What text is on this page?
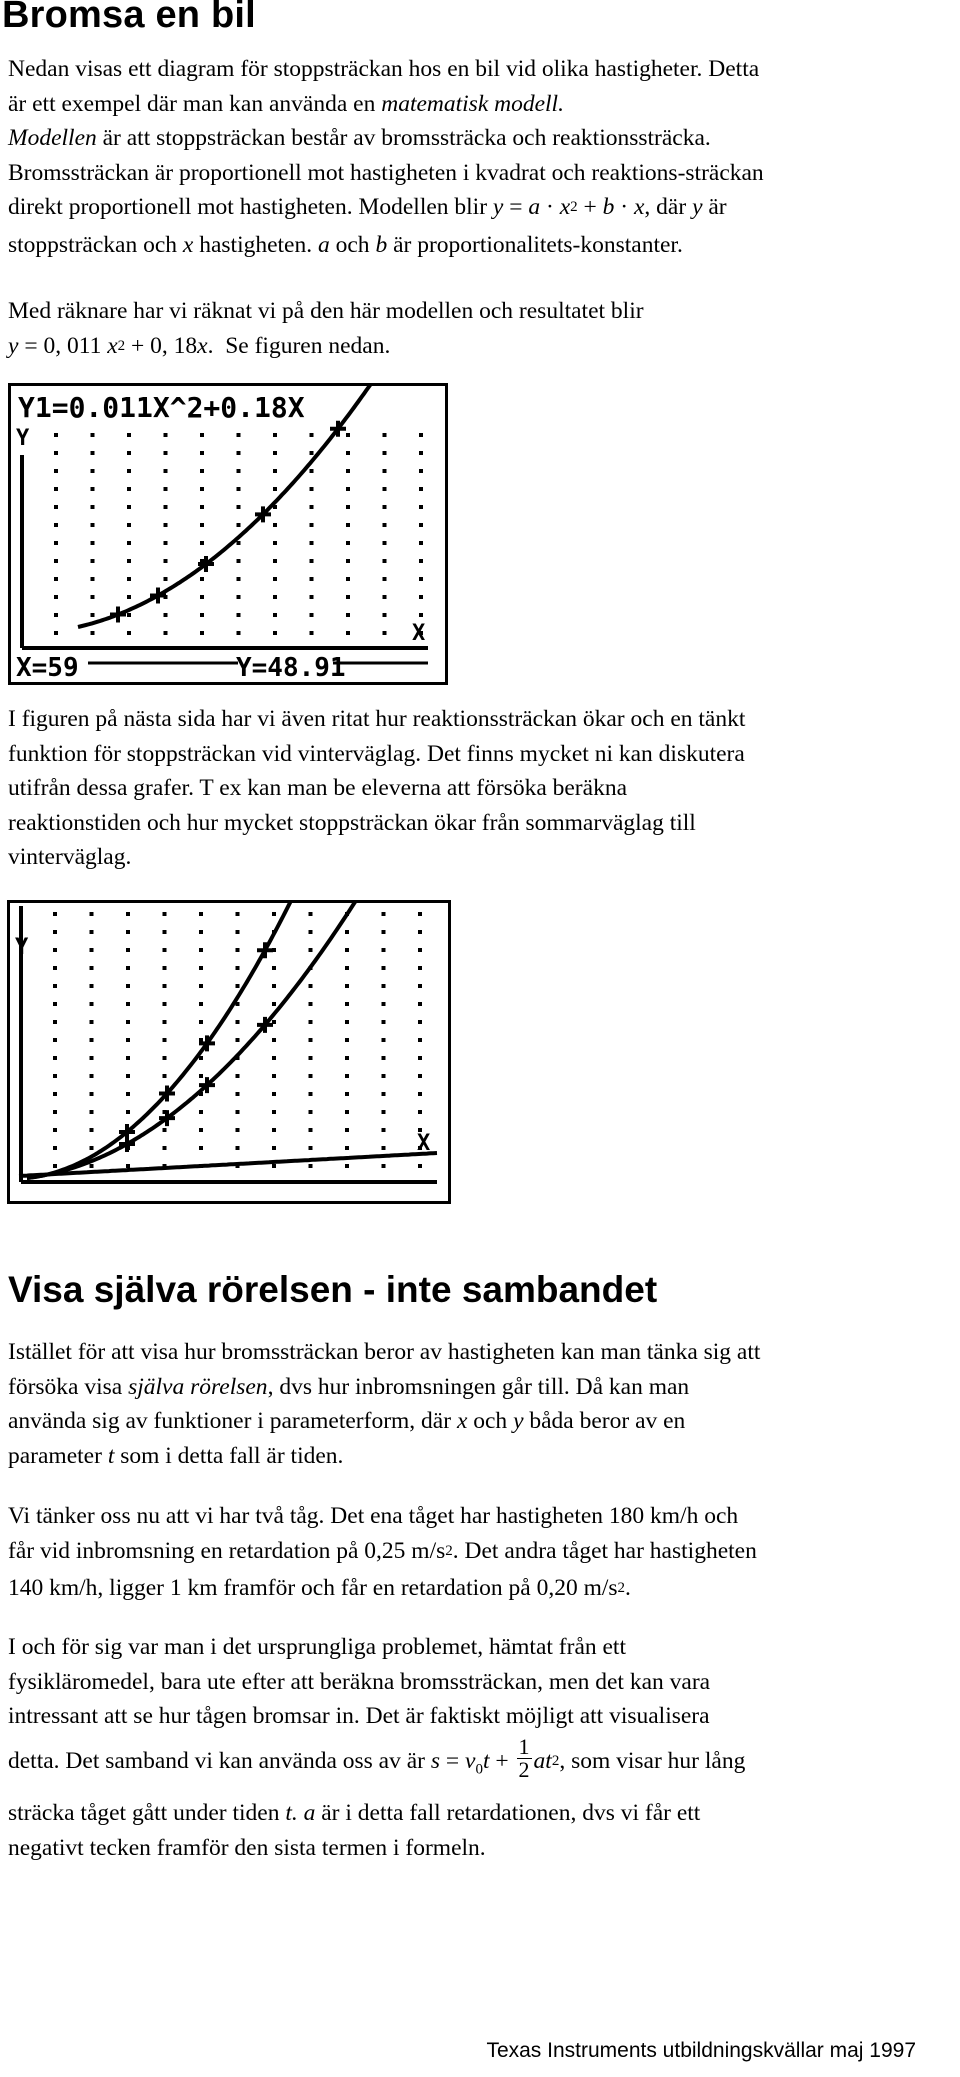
Bromsa en bil
Nedan visas ett diagram för stoppsträckan hos en bil vid olika hastigheter. Detta
är ett exempel där man kan använda en matematisk modell.
Modellen är att stoppsträckan består av bromssträcka och reaktionssträcka.
Bromssträckan är proportionell mot hastigheten i kvadrat och reaktions-sträckan
direkt proportionell mot hastigheten. Modellen blir $y = a \cdot x^2 + b \cdot x$, där y är
stoppsträckan och x hastigheten. a och b är proportionalitets-konstanter.
Med räknare har vi räknat vi på den här modellen och resultatet blir
y = 0, 011 $x^2 + 0$, 18x. Se figuren nedan.
Y1=0.011X^2+0.18X
Y
X
X=59	Y=48.91
I figuren på nästa sida har vi även ritat hur reaktionssträckan ökar och en tänkt
funktion för stoppsträckan vid vinterväglag. Det finns mycket ni kan diskutera
utifrån dessa grafer. T ex kan man be eleverna att försöka beräkna
reaktionstiden och hur mycket stoppsträckan ökar från sommarväglag till
vinterväglag.
Y
X
Visa själva rörelsen - inte sambandet
Istället för att visa hur bromssträckan beror av hastigheten kan man tänka sig att
försöka visa själva rörelsen, dvs hur inbromsningen går till. Då kan man
använda sig av funktioner i parameterform, där x och y båda beror av en
parameter t som i detta fall är tiden.
Vi tänker oss nu att vi har två tåg. Det ena tåget har hastigheten 180 km/h och
får vid inbromsning en retardation på 0,25 $m/s^2$. Det andra tåget har hastigheten
140 km/h, ligger 1 km framför och får en retardation på 0,20 $m/s^2$.
I och för sig var man i det ursprungliga problemet, hämtat från ett
fysikläromedel, bara ute efter att beräkna bromssträckan, men det kan vara
intressant att se hur tågen bromsar in. Det är faktiskt möjligt att visualisera
detta. Det samband vi kan använda oss av är $s = v_0t + \frac{1}{2} at^2$, som visar hur lång
sträcka tåget gått under tiden t. a är i detta fall retardationen, dvs vi får ett
negativt tecken framför den sista termen i formeln.
Texas Instruments utbildningskvällar maj 1997
